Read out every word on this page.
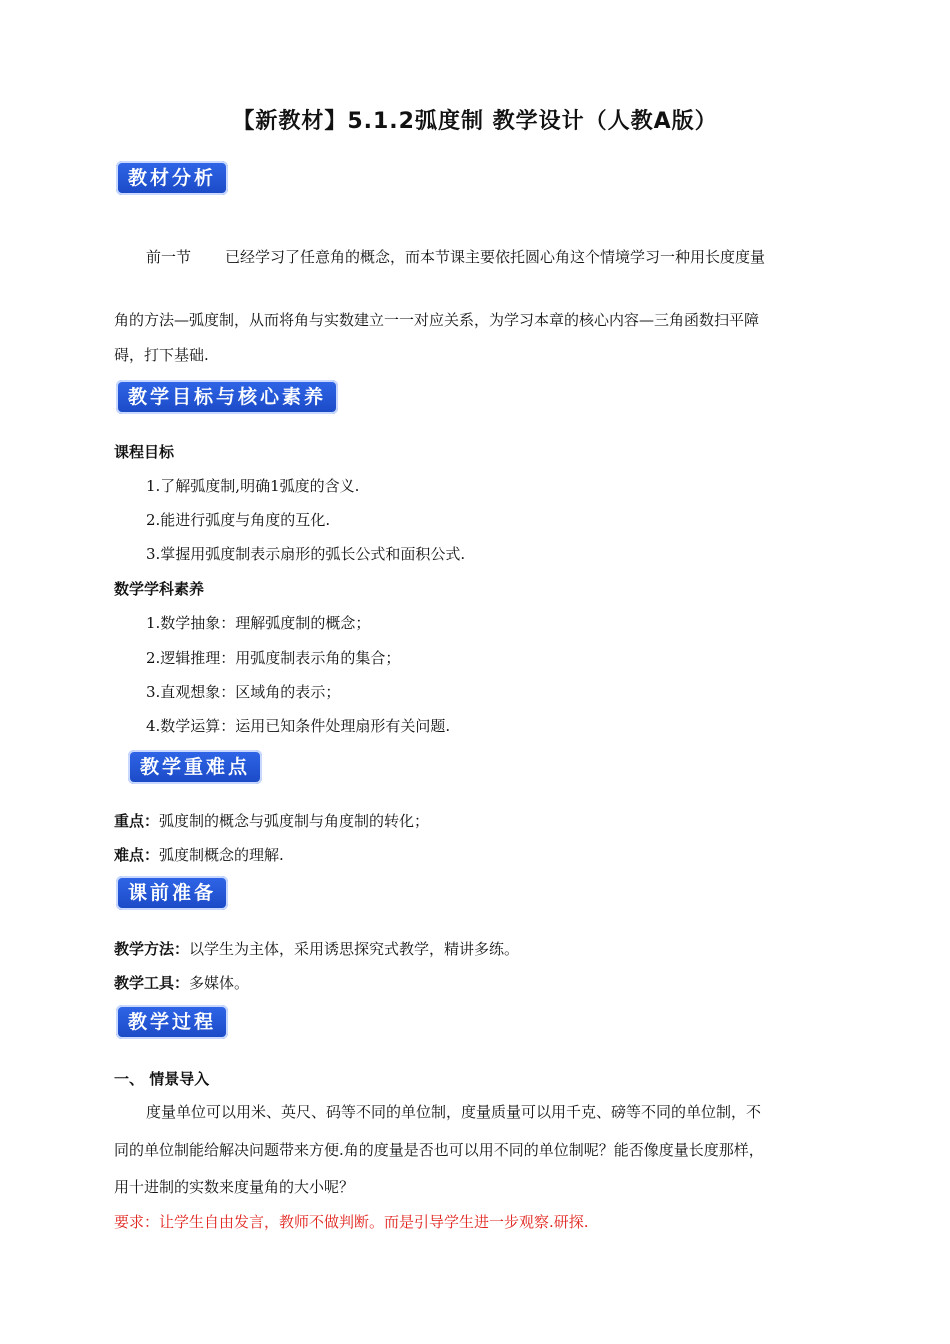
【新教材】5.1.2弧度制 教学设计（人教A版）
教材分析
前一节 已经学习了任意角的概念，而本节课主要依托圆心角这个情境学习一种用长度度量
角的方法—弧度制，从而将角与实数建立一一对应关系，为学习本章的核心内容—三角函数扫平障
碍，打下基础.
教学目标与核心素养
课程目标
1.了解弧度制,明确1弧度的含义.
2.能进行弧度与角度的互化.
3.掌握用弧度制表示扇形的弧长公式和面积公式.
数学学科素养
1.数学抽象：理解弧度制的概念；
2.逻辑推理：用弧度制表示角的集合；
3.直观想象：区域角的表示；
4.数学运算：运用已知条件处理扇形有关问题.
教学重难点
重点：弧度制的概念与弧度制与角度制的转化；
难点：弧度制概念的理解.
课前准备
教学方法：以学生为主体，采用诱思探究式教学，精讲多练。
教学工具：多媒体。
教学过程
一、 情景导入
度量单位可以用米、英尺、码等不同的单位制，度量质量可以用千克、磅等不同的单位制，不
同的单位制能给解决问题带来方便.角的度量是否也可以用不同的单位制呢？能否像度量长度那样，
用十进制的实数来度量角的大小呢？
要求：让学生自由发言，教师不做判断。而是引导学生进一步观察.研探.
